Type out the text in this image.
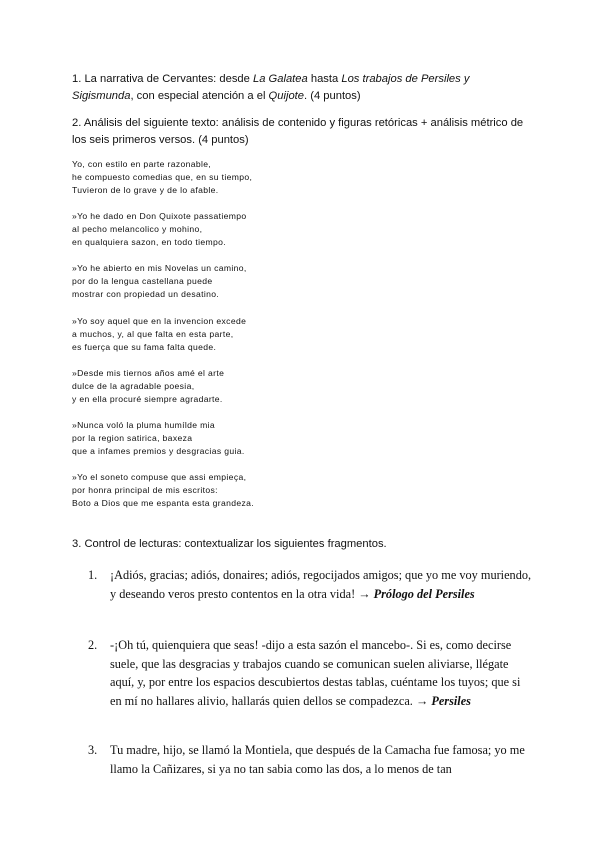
1. La narrativa de Cervantes: desde La Galatea hasta Los trabajos de Persiles y Sigismunda, con especial atención a el Quijote. (4 puntos)
2. Análisis del siguiente texto: análisis de contenido y figuras retóricas + análisis métrico de los seis primeros versos. (4 puntos)
Yo, con estilo en parte razonable,
he compuesto comedias que, en su tiempo,
Tuvieron de lo grave y de lo afable.
»Yo he dado en Don Quixote passatiempo
al pecho melancolico y mohino,
en qualquiera sazon, en todo tiempo.
»Yo he abierto en mis Novelas un camino,
por do la lengua castellana puede
mostrar con propiedad un desatino.
»Yo soy aquel que en la invencion excede
a muchos, y, al que falta en esta parte,
es fuerça que su fama falta quede.
»Desde mis tiernos años amé el arte
dulce de la agradable poesia,
y en ella procuré siempre agradarte.
»Nunca voló la pluma humílde mia
por la region satirica, baxeza
que a infames premios y desgracias guia.
»Yo el soneto compuse que assi empieça,
por honra principal de mis escritos:
Boto a Dios que me espanta esta grandeza.
3. Control de lecturas: contextualizar los siguientes fragmentos.
1. ¡Adiós, gracias; adiós, donaires; adiós, regocijados amigos; que yo me voy muriendo, y deseando veros presto contentos en la otra vida! → Prólogo del Persiles
2. -¡Oh tú, quienquiera que seas! -dijo a esta sazón el mancebo-. Si es, como decirse suele, que las desgracias y trabajos cuando se comunican suelen aliviarse, llégate aquí, y, por entre los espacios descubiertos destas tablas, cuéntame los tuyos; que si en mí no hallares alivio, hallarás quien dellos se compadezca. → Persiles
3. Tu madre, hijo, se llamó la Montiela, que después de la Camacha fue famosa; yo me llamo la Cañizares, si ya no tan sabia como las dos, a lo menos de tan
